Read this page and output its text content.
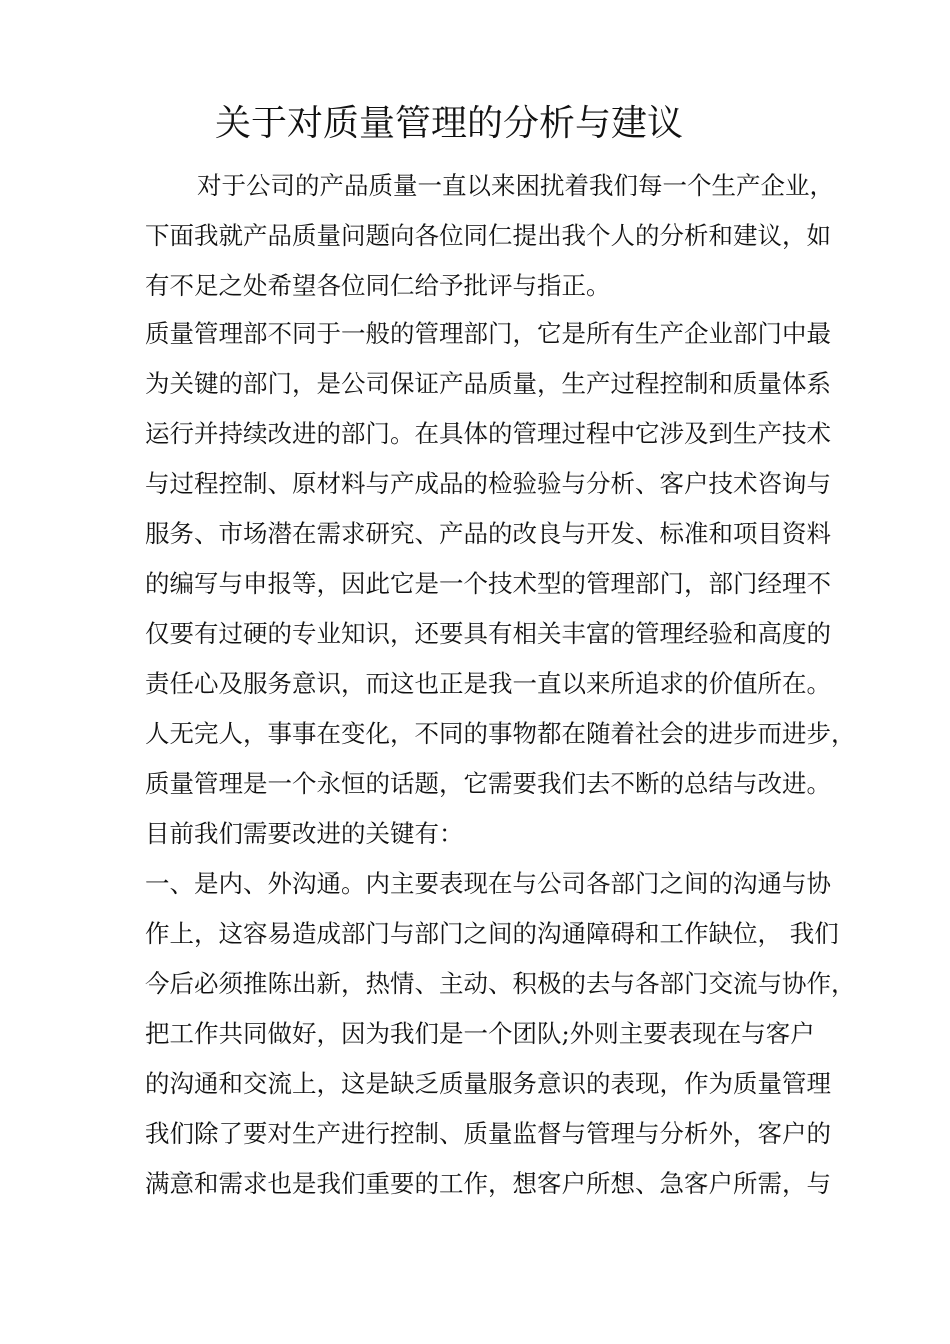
关于对质量管理的分析与建议
对于公司的产品质量一直以来困扰着我们每一个生产企业，
下面我就产品质量问题向各位同仁提出我个人的分析和建议，如
有不足之处希望各位同仁给予批评与指正。
质量管理部不同于一般的管理部门，它是所有生产企业部门中最
为关键的部门，是公司保证产品质量，生产过程控制和质量体系
运行并持续改进的部门。在具体的管理过程中它涉及到生产技术
与过程控制、原材料与产成品的检验验与分析、客户技术咨询与
服务、市场潜在需求研究、产品的改良与开发、标准和项目资料
的编写与申报等，因此它是一个技术型的管理部门，部门经理不
仅要有过硬的专业知识，还要具有相关丰富的管理经验和高度的
责任心及服务意识，而这也正是我一直以来所追求的价值所在。
人无完人，事事在变化，不同的事物都在随着社会的进步而进步，
质量管理是一个永恒的话题，它需要我们去不断的总结与改进。
目前我们需要改进的关键有：
一、是内、外沟通。内主要表现在与公司各部门之间的沟通与协
作上，这容易造成部门与部门之间的沟通障碍和工作缺位， 我们
今后必须推陈出新，热情、主动、积极的去与各部门交流与协作，
把工作共同做好，因为我们是一个团队;外则主要表现在与客户
的沟通和交流上，这是缺乏质量服务意识的表现，作为质量管理
我们除了要对生产进行控制、质量监督与管理与分析外，客户的
满意和需求也是我们重要的工作，想客户所想、急客户所需，与
